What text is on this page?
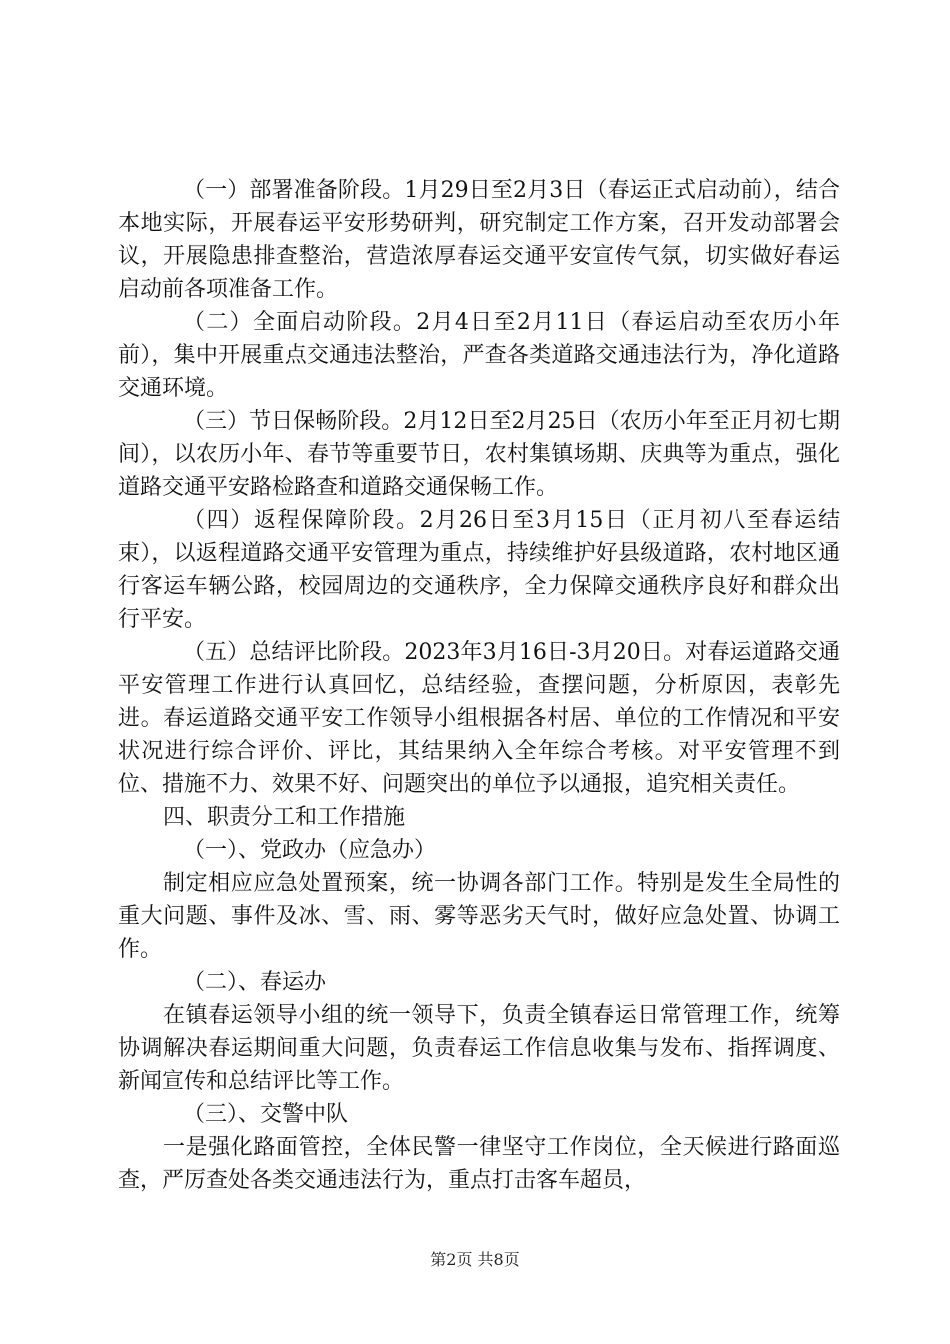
（一）部署准备阶段。1月29日至2月3日（春运正式启动前），结合本地实际，开展春运平安形势研判，研究制定工作方案，召开发动部署会议，开展隐患排查整治，营造浓厚春运交通平安宣传气氛，切实做好春运启动前各项准备工作。

（二）全面启动阶段。2月4日至2月11日（春运启动至农历小年前），集中开展重点交通违法整治，严查各类道路交通违法行为，净化道路交通环境。

（三）节日保畅阶段。2月12日至2月25日（农历小年至正月初七期间），以农历小年、春节等重要节日，农村集镇场期、庆典等为重点，强化道路交通平安路检路查和道路交通保畅工作。

（四）返程保障阶段。2月26日至3月15日（正月初八至春运结束），以返程道路交通平安管理为重点，持续维护好县级道路，农村地区通行客运车辆公路，校园周边的交通秩序，全力保障交通秩序良好和群众出行平安。

（五）总结评比阶段。2023年3月16日-3月20日。对春运道路交通平安管理工作进行认真回忆，总结经验，查摆问题，分析原因，表彰先进。春运道路交通平安工作领导小组根据各村居、单位的工作情况和平安状况进行综合评价、评比，其结果纳入全年综合考核。对平安管理不到位、措施不力、效果不好、问题突出的单位予以通报，追究相关责任。

四、职责分工和工作措施

（一）、党政办（应急办）

制定相应应急处置预案，统一协调各部门工作。特别是发生全局性的重大问题、事件及冰、雪、雨、雾等恶劣天气时，做好应急处置、协调工作。

（二）、春运办

在镇春运领导小组的统一领导下，负责全镇春运日常管理工作，统筹协调解决春运期间重大问题，负责春运工作信息收集与发布、指挥调度、新闻宣传和总结评比等工作。

（三）、交警中队

一是强化路面管控，全体民警一律坚守工作岗位，全天候进行路面巡查，严厉查处各类交通违法行为，重点打击客车超员，

第2页 共8页
